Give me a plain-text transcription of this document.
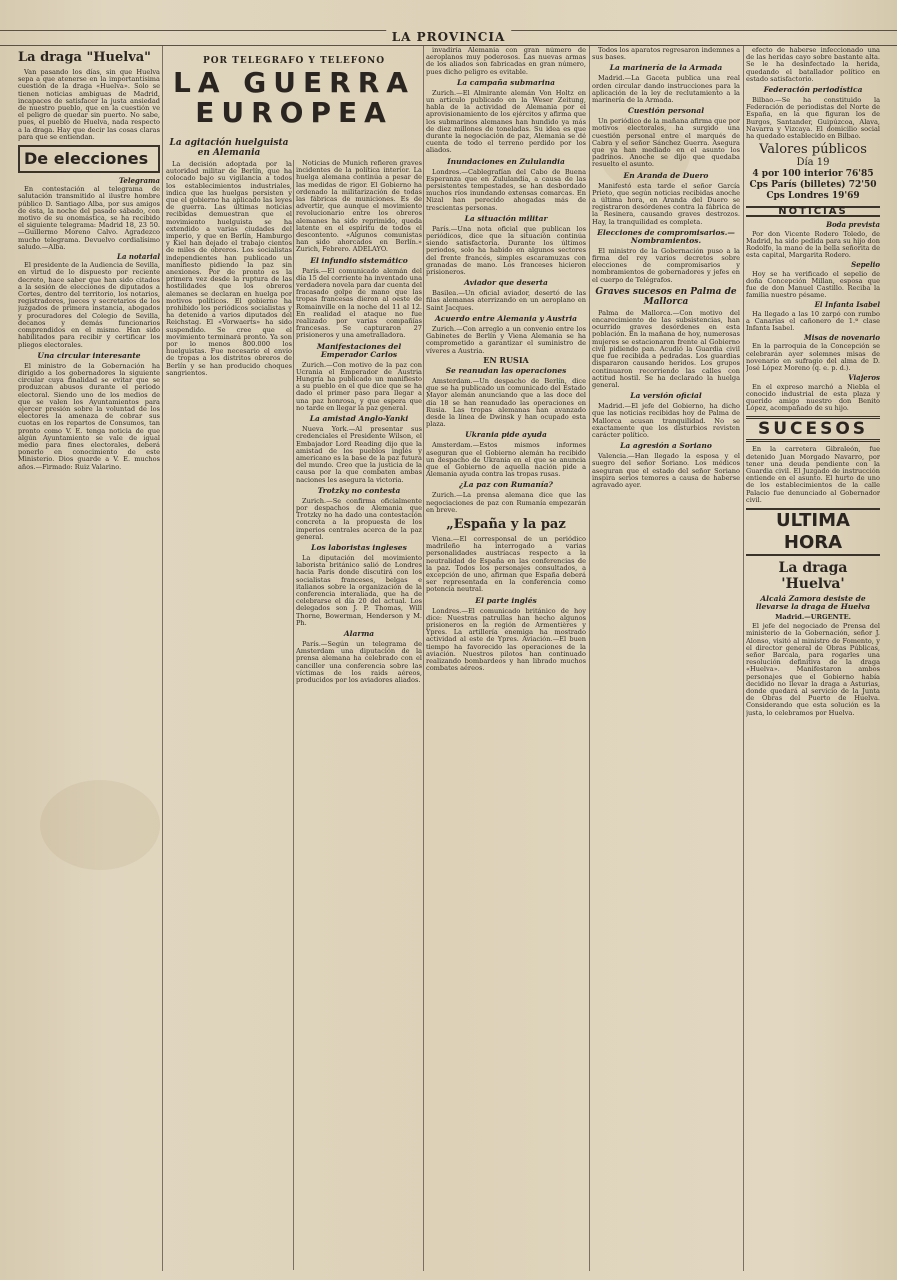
LA PROVINCIA
La draga "Huelva"

Van pasando los días, sin que Huelva sepa a que atenerse en la importantísima cuestión de la draga «Huelva». Solo se tienen noticias ambiguas de Madrid, incapaces de satisfacer la justa ansiedad de nuestro pueblo, que en la cuestión ve el peligro de quedar sin puerto. No sabe, pues, el pueblo de Huelva, nada respecto a la draga. Hay que decir las cosas claras para que se entiendan.

De elecciones
Telegrama

En contestación al telegrama de salutación transmitido al ilustre hombre público D. Santiago Alba, por sus amigos de ésta, la noche del pasado sábado, con motivo de su onomástica, se ha recibido el siguiente telegrama: Madrid 18, 23 50.—Guillermo Moreno Calvo. Agradezco mucho telegrama. Devuelvo cordialísimo saludo.—Alba.

La notarial

El presidente de la Audiencia de Sevilla, en virtud de lo dispuesto por reciente decreto, hace saber que han sido citados a la sesión de elecciones de diputados a Cortes, dentro del territorio, los notarios, registradores, jueces y secretarios de los juzgados de primera instancia, abogados y procuradores del Colegio de Sevilla, decanos y demás funcionarios comprendidos en el mismo. Han sido habilitados para recibir y certificar los pliegos electorales.

Una circular interesante

El ministro de la Gobernación ha dirigido a los gobernadores la siguiente circular cuya finalidad se evitar que se produzcan abusos durante el periodo electoral. Siendo uno de los medios de que se valen los Ayuntamientos para ejercer presión sobre la voluntad de los electores la amenaza de cobrar sus cuotas en los repartos de Consumos, tan pronto como V. E. tenga noticia de que algún Ayuntamiento se vale de igual medio para fines electorales, deberá ponerlo en conocimiento de este Ministerio. Dios guarde a V. E. muchos años.—Firmado: Ruiz Valarino.

POR TELEGRAFO Y TELEFONO
LA GUERRA
EUROPEA
La agitación huelguista en Alemania

La decisión adoptada por la autoridad militar de Berlín, que ha colocado bajo su vigilancia a todos los establecimientos industriales, indica que las huelgas persisten y que el gobierno ha aplicado las leyes de guerra. Las últimas noticias recibidas demuestran que el movimiento huelguista se ha extendido a varias ciudades del imperio, y que en Berlín, Hamburgo y Kiel han dejado el trabajo cientos de miles de obreros. Los socialistas independientes han publicado un manifiesto pidiendo la paz sin anexiones. Por de pronto es la primera vez desde la ruptura de las hostilidades que los obreros alemanes se declaran en huelga por motivos políticos. El gobierno ha prohibido los periódicos socialistas y ha detenido a varios diputados del Reichstag. El «Vorwaerts» ha sido suspendido. Se cree que el movimiento terminará pronto. Ya son por lo menos 800.000 los huelguistas. Fue necesario el envío de tropas a los distritos obreros de Berlín y se han producido choques sangrientos.

Noticias de Munich refieren graves incidentes de la política interior. La huelga alemana continúa a pesar de las medidas de rigor. El Gobierno ha ordenado la militarización de todas las fábricas de municiones. Es de advertir, que aunque el movimiento revolucionario entre los obreros alemanes ha sido reprimido, queda latente en el espíritu de todos el descontento. «Algunos comunistas han sido ahorcados en Berlín.» Zurich, Febrero. ADELAYO.

El infundio sistemático

París.—El comunicado alemán del día 15 del corriente ha inventado una verdadera novela para dar cuenta del fracasado golpe de mano que las tropas francesas dieron al oeste de Romainville en la noche del 11 al 12. En realidad el ataque no fue realizado por varias compañías francesas. Se capturaron 27 prisioneros y una ametralladora.

Manifestaciones del Emperador Carlos

Zurich.—Con motivo de la paz con Ucrania el Emperador de Austria Hungría ha publicado un manifiesto a su pueblo en el que dice que se ha dado el primer paso para llegar a una paz honrosa, y que espera que no tarde en llegar la paz general.

La amistad Anglo-Yanki

Nueva York.—Al presentar sus credenciales el Presidente Wilson, el Embajador Lord Reading dijo que la amistad de los pueblos inglés y americano es la base de la paz futura del mundo. Creo que la justicia de la causa por la que combaten ambas naciones les asegura la victoria.

Trotzky no contesta

Zurich.—Se confirma oficialmente por despachos de Alemania que Trotzky no ha dado una contestación concreta a la propuesta de los imperios centrales acerca de la paz general.

Los laboristas ingleses

La diputación del movimiento laborista británico salió de Londres hacia París donde discutirá con los socialistas franceses, belgas e italianos sobre la organización de la conferencia interaliada, que ha de celebrarse el día 20 del actual. Los delegados son J. P. Thomas, Will Thorne, Bowerman, Henderson y M. Ph.

Alarma

París.—Según un telegrama de Amsterdam una diputación de la prensa alemana ha celebrado con el canciller una conferencia sobre las víctimas de los raids aéreos, producidos por los aviadores aliados.

invadiría Alemania con gran número de aeroplanos muy poderosos. Las nuevas armas de los aliados son fabricadas en gran número, pues dicho peligro es evitable.

La campaña submarina

Zurich.—El Almirante alemán Von Holtz en un artículo publicado en la Weser Zeitung, habla de la actividad de Alemania por el aprovisionamiento de los ejércitos y afirma que los submarinos alemanes han hundido ya más de diez millones de toneladas. Su idea es que durante la negociación de paz, Alemania se dé cuenta de todo el terreno perdido por los aliados.

Inundaciones en Zululandia

Londres.—Cablegrafían del Cabo de Buena Esperanza que en Zululandia, a causa de las persistentes tempestades, se han desbordado muchos ríos inundando extensas comarcas. En Nizal han perecido ahogadas más de trescientas personas.

La situación militar

París.—Una nota oficial que publican los periódicos, dice que la situación continúa siendo satisfactoria. Durante los últimos periodos, solo ha habido en algunos sectores del frente francés, simples escaramuzas con granadas de mano. Los franceses hicieron prisioneros.

Aviador que deserta

Basilea.—Un oficial aviador, desertó de las filas alemanas aterrizando en un aeroplano en Saint Jacques.

Acuerdo entre Alemania y Austria

Zurich.—Con arreglo a un convenio entre los Gabinetes de Berlín y Viena Alemania se ha comprometido a garantizar el suministro de víveres a Austria.

EN RUSIA
Se reanudan las operaciones

Amsterdam.—Un despacho de Berlín, dice que se ha publicado un comunicado del Estado Mayor alemán anunciando que a las doce del día 18 se han reanudado las operaciones en Rusia. Las tropas alemanas han avanzado desde la línea de Dwinsk y han ocupado esta plaza.

Ukrania pide ayuda

Amsterdam.—Estos mismos informes aseguran que el Gobierno alemán ha recibido un despacho de Ukrania en el que se anuncia que el Gobierno de aquella nación pide a Alemania ayuda contra las tropas rusas.

¿La paz con Rumanía?

Zurich.—La prensa alemana dice que las negociaciones de paz con Rumanía empezarán en breve.

„España y la paz

Viena.—El corresponsal de un periódico madrileño ha interrogado a varias personalidades austríacas respecto a la neutralidad de España en las conferencias de la paz. Todos los personajes consultados, a excepción de uno, afirman que España deberá ser representada en la conferencia como potencia neutral.

El parte inglés

Londres.—El comunicado británico de hoy dice: Nuestras patrullas han hecho algunos prisioneros en la región de Armentières y Ypres. La artillería enemiga ha mostrado actividad al este de Ypres. Aviación.—El buen tiempo ha favorecido las operaciones de la aviación. Nuestros pilotos han continuado realizando bombardeos y han librado muchos combates aéreos.

Todos los aparatos regresaron indemnes a sus bases.

La marinería de la Armada

Madrid.—La Gaceta publica una real orden circular dando instrucciones para la aplicación de la ley de reclutamiento a la marinería de la Armada.

Cuestión personal

Un periódico de la mañana afirma que por motivos electorales, ha surgido una cuestión personal entre el marqués de Cabra y el señor Sánchez Guerra. Asegura que ya han mediado en el asunto los padrinos. Anoche se dijo que quedaba resuelto el asunto.

En Aranda de Duero

Manifestó esta tarde el señor García Prieto, que según noticias recibidas anoche a última hora, en Aranda del Duero se registraron desórdenes contra la fábrica de la Resinera, causando graves destrozos. Hay, la tranquilidad es completa.

Elecciones de compromisarios.—Nombramientos.

El ministro de la Gobernación puso a la firma del rey varios decretos sobre elecciones de compromisarios y nombramientos de gobernadores y jefes en el cuerpo de Telégrafos.

Graves sucesos en Palma de Mallorca

Palma de Mallorca.—Con motivo del encarecimiento de las subsistencias, han ocurrido graves desórdenes en esta población. En la mañana de hoy, numerosas mujeres se estacionaron frente al Gobierno civil pidiendo pan. Acudió la Guardia civil que fue recibida a pedradas. Los guardias dispararon causando heridos. Los grupos continuaron recorriendo las calles con actitud hostil. Se ha declarado la huelga general.

La versión oficial

Madrid.—El jefe del Gobierno, ha dicho que las noticias recibidas hoy de Palma de Mallorca acusan tranquilidad. No se exactamente que los disturbios revisten carácter político.

La agresión a Soriano

Valencia.—Han llegado la esposa y el suegro del señor Soriano. Los médicos aseguran que el estado del señor Soriano inspira serios temores a causa de haberse agravado ayer.

efecto de haberse infeccionado una de las heridas cayo sobre bastante alta. Se le ha desinfectado la herida, quedando el batallador político en estado satisfactorio.

Federación periodística

Bilbao.—Se ha constituido la Federación de periodistas del Norte de España, en la que figuran los de Burgos, Santander, Guipúzcoa, Alava, Navarra y Vizcaya. El domicilio social ha quedado establecido en Bilbao.

Valores públicos
Día 19
4 por 100 interior 76'85
Cps París (billetes) 72'50
Cps Londres 19'69
NOTICIAS
Boda prevista

Por don Vicente Rodero Toledo, de Madrid, ha sido pedida para su hijo don Rodolfo, la mano de la bella señorita de esta capital, Margarita Rodero.

Sepelio

Hoy se ha verificado el sepelio de doña Concepción Millan, esposa que fue de don Manuel Castillo. Reciba la familia nuestro pésame.

El Infanta Isabel

Ha llegado a las 10 zarpó con rumbo a Canarias el cañonero de 1.ª clase Infanta Isabel.

Misas de novenario

En la parroquia de la Concepción se celebrarán ayer solemnes misas de novenario en sufragio del alma de D. José López Moreno (q. e. p. d.).

Viajeros

En el expreso marchó a Niebla el conocido industrial de esta plaza y querido amigo nuestro don Benito López, acompañado de su hijo.

SUCESOS

En la carretera Gibraleón, fue detenido Juan Morgado Navarro, por tener una deuda pendiente con la Guardia civil. El Juzgado de instrucción entiende en el asunto. El hurto de uno de los establecimientos de la calle Palacio fue denunciado al Gobernador civil.

ULTIMA HORA
La draga 'Huelva'
Alcalá Zamora desiste de llevarse la draga de Huelva
Madrid.—URGENTE.

El jefe del negociado de Prensa del ministerio de la Gobernación, señor J. Alonso, visitó al ministro de Fomento, y el director general de Obras Públicas, señor Barcala, para rogarles una resolución definitiva de la draga «Huelva». Manifestaron ambos personajes que el Gobierno había decidido no llevar la draga a Asturias, donde quedará al servicio de la Junta de Obras del Puerto de Huelva. Considerando que esta solución es la justa, lo celebramos por Huelva.
